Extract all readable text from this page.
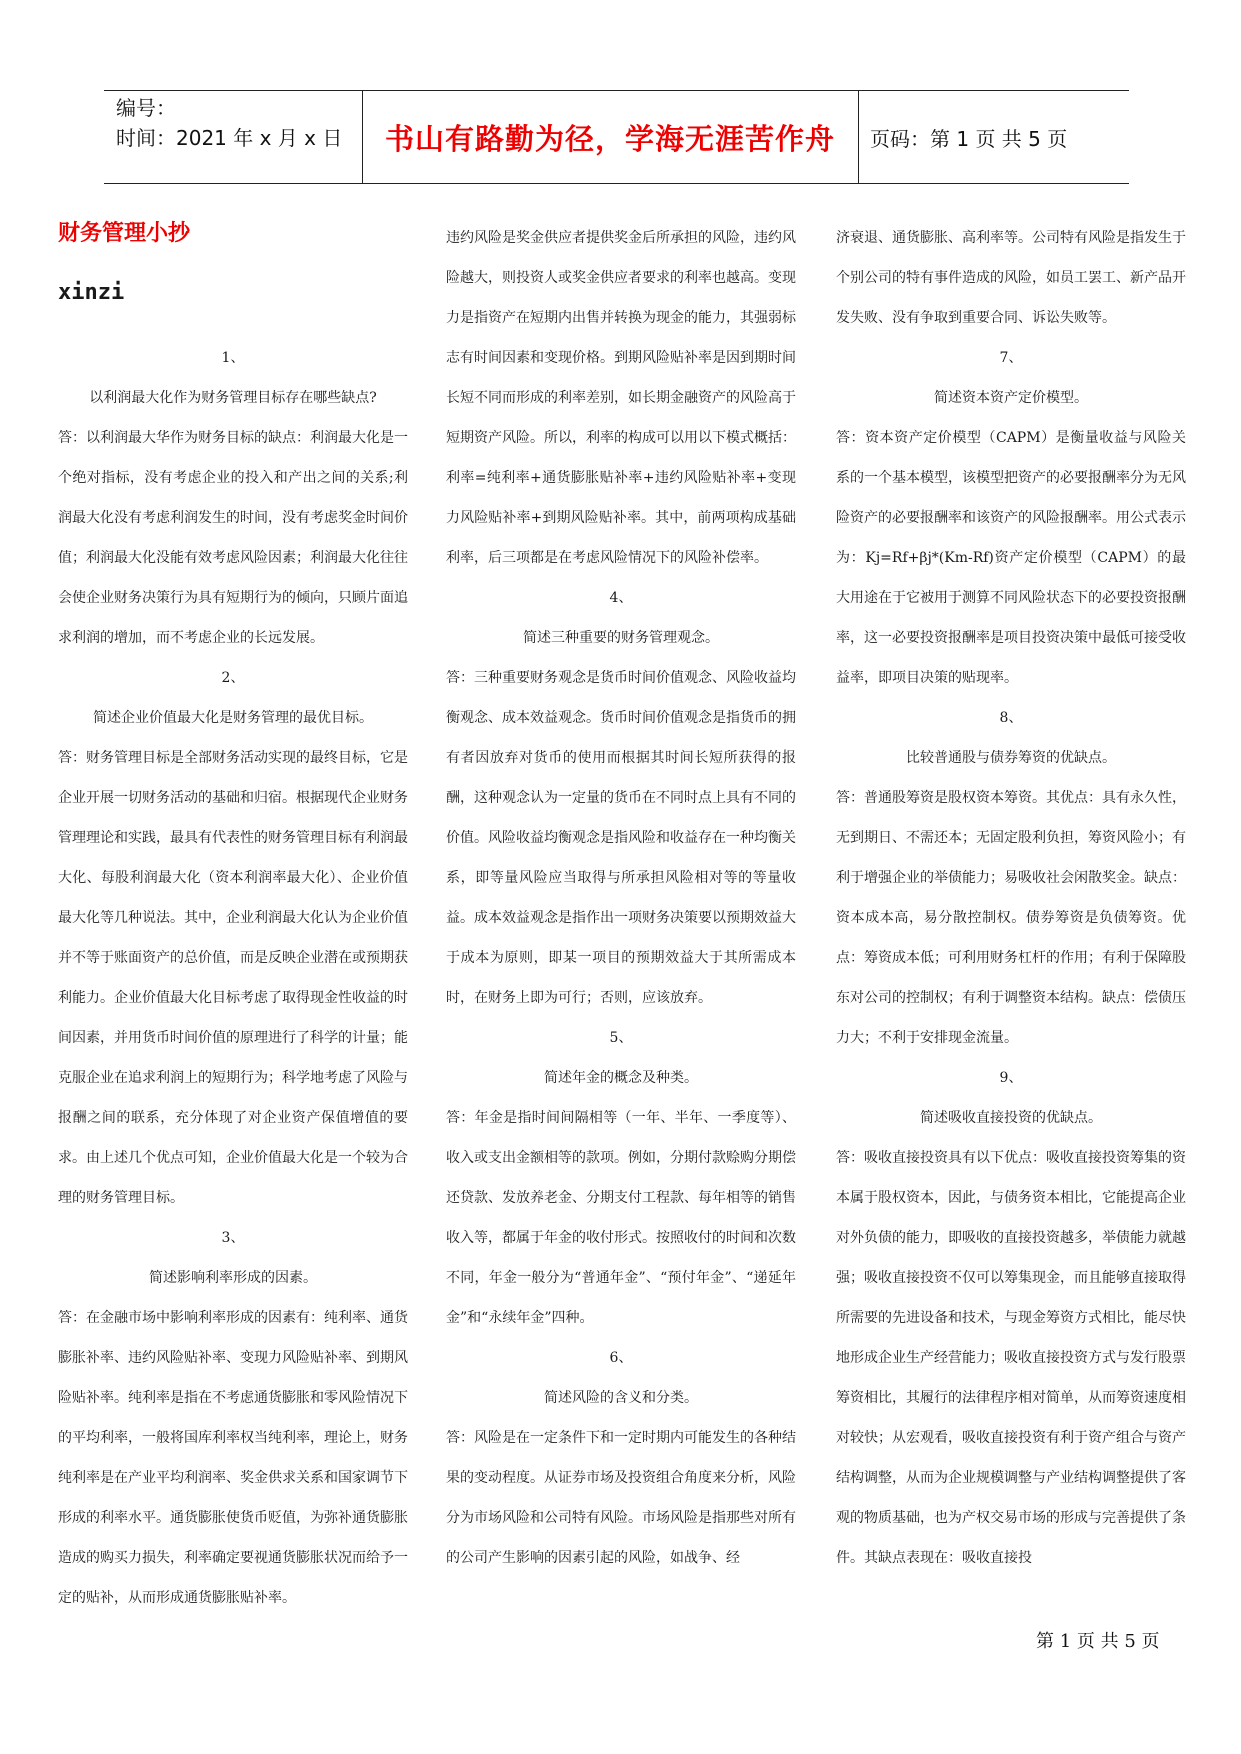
编号：
时间：2021 年 x 月 x 日	书山有路勤为径，学海无涯苦作舟	页码：第 1 页 共 5 页

财务管理小抄

xinzi

1、

以利润最大化作为财务管理目标存在哪些缺点?

答：以利润最大华作为财务目标的缺点：利润最大化是一个绝对指标，没有考虑企业的投入和产出之间的关系;利润最大化没有考虑利润发生的时间，没有考虑奖金时间价值；利润最大化没能有效考虑风险因素；利润最大化往往会使企业财务决策行为具有短期行为的倾向，只顾片面追求利润的增加，而不考虑企业的长远发展。

2、

简述企业价值最大化是财务管理的最优目标。

答：财务管理目标是全部财务活动实现的最终目标，它是企业开展一切财务活动的基础和归宿。根据现代企业财务管理理论和实践，最具有代表性的财务管理目标有利润最大化、每股利润最大化（资本利润率最大化）、企业价值最大化等几种说法。其中，企业利润最大化认为企业价值并不等于账面资产的总价值，而是反映企业潜在或预期获利能力。企业价值最大化目标考虑了取得现金性收益的时间因素，并用货币时间价值的原理进行了科学的计量；能克服企业在追求利润上的短期行为；科学地考虑了风险与报酬之间的联系，充分体现了对企业资产保值增值的要求。由上述几个优点可知，企业价值最大化是一个较为合理的财务管理目标。

3、

简述影响利率形成的因素。

答：在金融市场中影响利率形成的因素有：纯利率、通货膨胀补率、违约风险贴补率、变现力风险贴补率、到期风险贴补率。纯利率是指在不考虑通货膨胀和零风险情况下的平均利率，一般将国库利率权当纯利率，理论上，财务纯利率是在产业平均利润率、奖金供求关系和国家调节下形成的利率水平。通货膨胀使货币贬值，为弥补通货膨胀造成的购买力损失，利率确定要视通货膨胀状况而给予一定的贴补，从而形成通货膨胀贴补率。

违约风险是奖金供应者提供奖金后所承担的风险，违约风险越大，则投资人或奖金供应者要求的利率也越高。变现力是指资产在短期内出售并转换为现金的能力，其强弱标志有时间因素和变现价格。到期风险贴补率是因到期时间长短不同而形成的利率差别，如长期金融资产的风险高于短期资产风险。所以，利率的构成可以用以下模式概括：利率=纯利率+通货膨胀贴补率+违约风险贴补率+变现力风险贴补率+到期风险贴补率。其中，前两项构成基础利率，后三项都是在考虑风险情况下的风险补偿率。

4、

简述三种重要的财务管理观念。

答：三种重要财务观念是货币时间价值观念、风险收益均衡观念、成本效益观念。货币时间价值观念是指货币的拥有者因放弃对货币的使用而根据其时间长短所获得的报酬，这种观念认为一定量的货币在不同时点上具有不同的价值。风险收益均衡观念是指风险和收益存在一种均衡关系，即等量风险应当取得与所承担风险相对等的等量收益。成本效益观念是指作出一项财务决策要以预期效益大于成本为原则，即某一项目的预期效益大于其所需成本时，在财务上即为可行；否则，应该放弃。

5、

简述年金的概念及种类。

答：年金是指时间间隔相等（一年、半年、一季度等）、收入或支出金额相等的款项。例如，分期付款赊购分期偿还贷款、发放养老金、分期支付工程款、每年相等的销售收入等，都属于年金的收付形式。按照收付的时间和次数不同，年金一般分为“普通年金”、“预付年金”、“递延年金”和“永续年金”四种。

6、

简述风险的含义和分类。

答：风险是在一定条件下和一定时期内可能发生的各种结果的变动程度。从证券市场及投资组合角度来分析，风险分为市场风险和公司特有风险。市场风险是指那些对所有的公司产生影响的因素引起的风险，如战争、经

济衰退、通货膨胀、高利率等。公司特有风险是指发生于个别公司的特有事件造成的风险，如员工罢工、新产品开发失败、没有争取到重要合同、诉讼失败等。

7、

简述资本资产定价模型。

答：资本资产定价模型（CAPM）是衡量收益与风险关系的一个基本模型，该模型把资产的必要报酬率分为无风险资产的必要报酬率和该资产的风险报酬率。用公式表示为：Kj=Rf+βj*(Km-Rf)资产定价模型（CAPM）的最大用途在于它被用于测算不同风险状态下的必要投资报酬率，这一必要投资报酬率是项目投资决策中最低可接受收益率，即项目决策的贴现率。

8、

比较普通股与债券筹资的优缺点。

答：普通股筹资是股权资本筹资。其优点：具有永久性，无到期日、不需还本；无固定股利负担，筹资风险小；有利于增强企业的举债能力；易吸收社会闲散奖金。缺点：资本成本高，易分散控制权。债券筹资是负债筹资。优点：筹资成本低；可利用财务杠杆的作用；有利于保障股东对公司的控制权；有利于调整资本结构。缺点：偿债压力大；不利于安排现金流量。

9、

简述吸收直接投资的优缺点。

答：吸收直接投资具有以下优点：吸收直接投资筹集的资本属于股权资本，因此，与债务资本相比，它能提高企业对外负债的能力，即吸收的直接投资越多，举债能力就越强；吸收直接投资不仅可以筹集现金，而且能够直接取得所需要的先进设备和技术，与现金筹资方式相比，能尽快地形成企业生产经营能力；吸收直接投资方式与发行股票筹资相比，其履行的法律程序相对简单，从而筹资速度相对较快；从宏观看，吸收直接投资有利于资产组合与资产结构调整，从而为企业规模调整与产业结构调整提供了客观的物质基础，也为产权交易市场的形成与完善提供了条件。其缺点表现在：吸收直接投

第 1 页 共 5 页
